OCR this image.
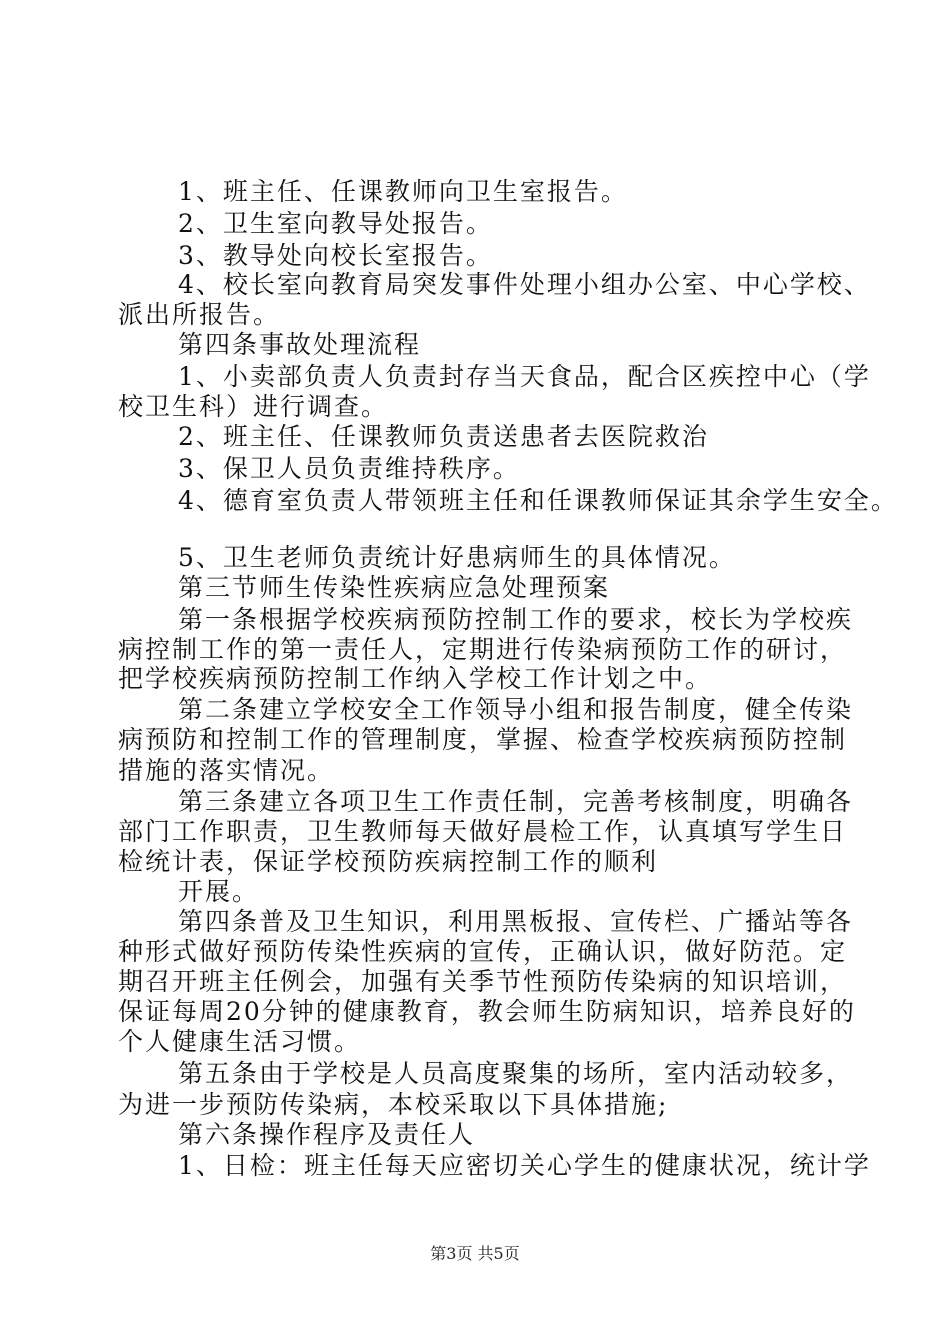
1、班主任、任课教师向卫生室报告。
2、卫生室向教导处报告。
3、教导处向校长室报告。
4、校长室向教育局突发事件处理小组办公室、中心学校、
派出所报告。
第四条事故处理流程
1、小卖部负责人负责封存当天食品，配合区疾控中心（学
校卫生科）进行调查。
2、班主任、任课教师负责送患者去医院救治
3、保卫人员负责维持秩序。
4、德育室负责人带领班主任和任课教师保证其余学生安全。
5、卫生老师负责统计好患病师生的具体情况。
第三节师生传染性疾病应急处理预案
第一条根据学校疾病预防控制工作的要求，校长为学校疾
病控制工作的第一责任人，定期进行传染病预防工作的研讨，
把学校疾病预防控制工作纳入学校工作计划之中。
第二条建立学校安全工作领导小组和报告制度，健全传染
病预防和控制工作的管理制度，掌握、检查学校疾病预防控制
措施的落实情况。
第三条建立各项卫生工作责任制，完善考核制度，明确各
部门工作职责，卫生教师每天做好晨检工作，认真填写学生日
检统计表，保证学校预防疾病控制工作的顺利
开展。
第四条普及卫生知识，利用黑板报、宣传栏、广播站等各
种形式做好预防传染性疾病的宣传，正确认识，做好防范。定
期召开班主任例会，加强有关季节性预防传染病的知识培训，
保证每周20分钟的健康教育，教会师生防病知识，培养良好的
个人健康生活习惯。
第五条由于学校是人员高度聚集的场所，室内活动较多，
为进一步预防传染病，本校采取以下具体措施;
第六条操作程序及责任人
1、日检：班主任每天应密切关心学生的健康状况，统计学
第3页 共5页
